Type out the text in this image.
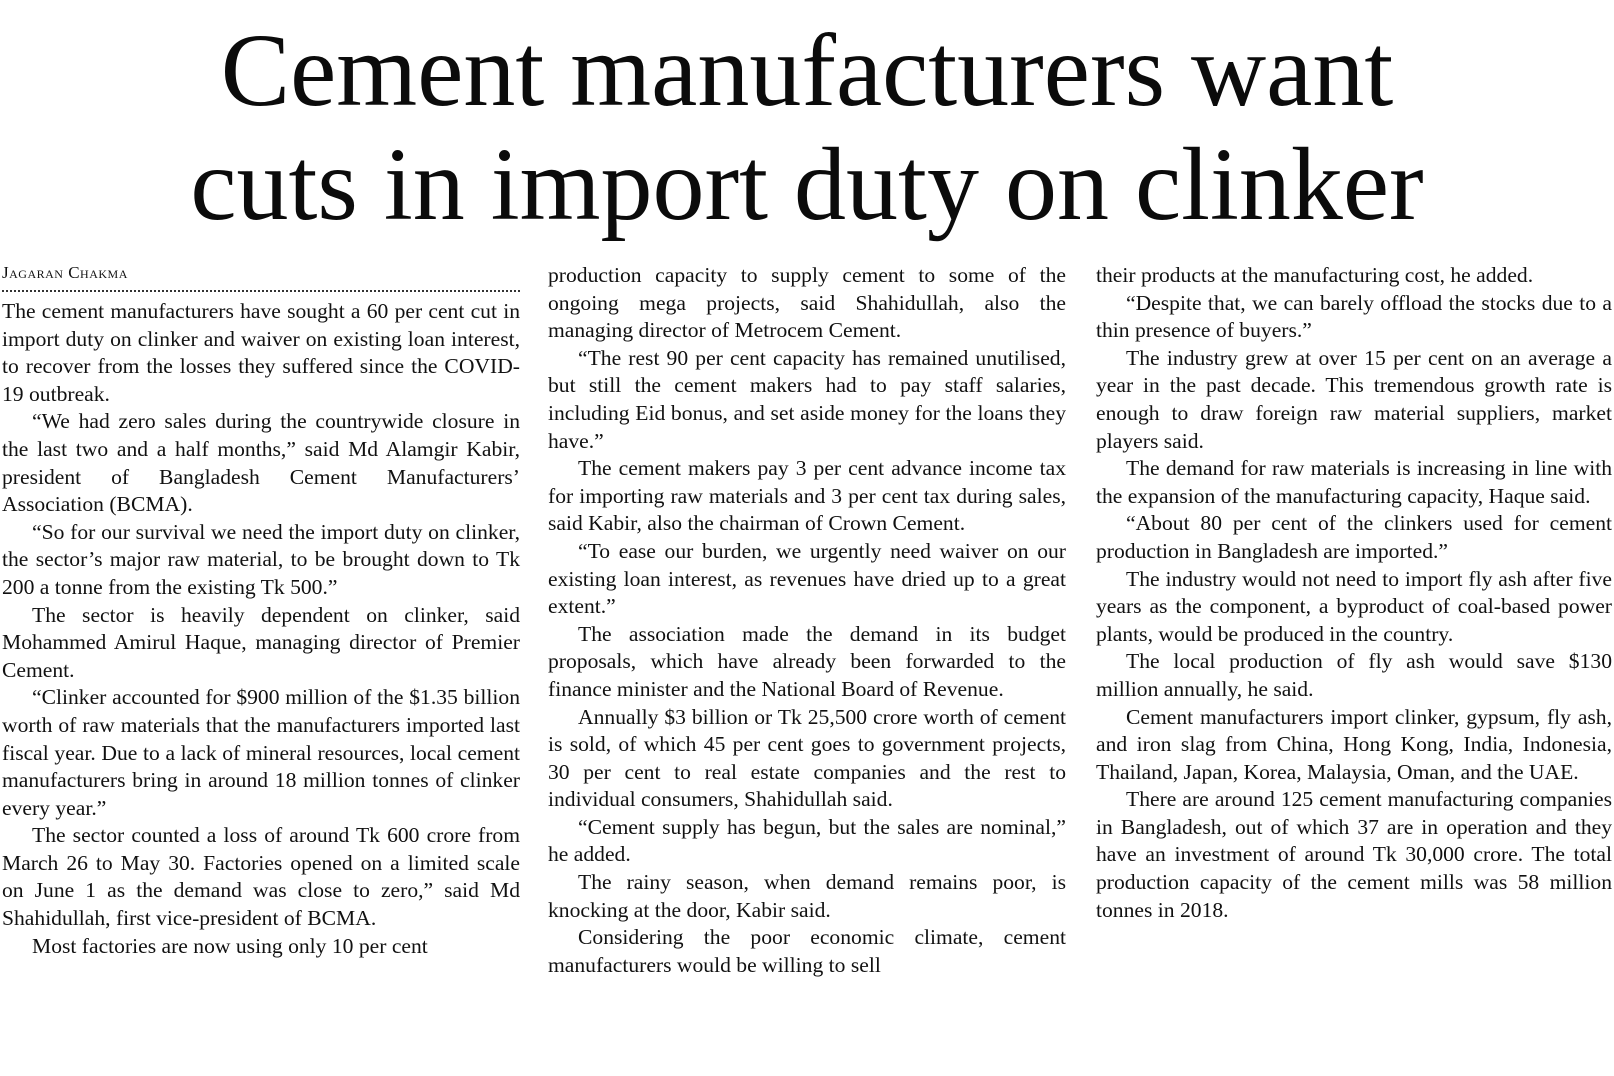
Cement manufacturers want
cuts in import duty on clinker
Jagaran Chakma

The cement manufacturers have sought a 60 per cent cut in import duty on clinker and waiver on existing loan interest, to recover from the losses they suffered since the COVID-19 outbreak.

“We had zero sales during the countrywide closure in the last two and a half months,” said Md Alamgir Kabir, president of Bangladesh Cement Manufacturers’ Association (BCMA).

“So for our survival we need the import duty on clinker, the sector’s major raw material, to be brought down to Tk 200 a tonne from the existing Tk 500.”

The sector is heavily dependent on clinker, said Mohammed Amirul Haque, managing director of Premier Cement.

“Clinker accounted for $900 million of the $1.35 billion worth of raw materials that the manufacturers imported last fiscal year. Due to a lack of mineral resources, local cement manufacturers bring in around 18 million tonnes of clinker every year.”

The sector counted a loss of around Tk 600 crore from March 26 to May 30. Factories opened on a limited scale on June 1 as the demand was close to zero,” said Md Shahidullah, first vice-president of BCMA.

Most factories are now using only 10 per cent

production capacity to supply cement to some of the ongoing mega projects, said Shahidullah, also the managing director of Metrocem Cement.

“The rest 90 per cent capacity has remained unutilised, but still the cement makers had to pay staff salaries, including Eid bonus, and set aside money for the loans they have.”

The cement makers pay 3 per cent advance income tax for importing raw materials and 3 per cent tax during sales, said Kabir, also the chairman of Crown Cement.

“To ease our burden, we urgently need waiver on our existing loan interest, as revenues have dried up to a great extent.”

The association made the demand in its budget proposals, which have already been forwarded to the finance minister and the National Board of Revenue.

Annually $3 billion or Tk 25,500 crore worth of cement is sold, of which 45 per cent goes to government projects, 30 per cent to real estate companies and the rest to individual consumers, Shahidullah said.

“Cement supply has begun, but the sales are nominal,” he added.

The rainy season, when demand remains poor, is knocking at the door, Kabir said.

Considering the poor economic climate, cement manufacturers would be willing to sell

their products at the manufacturing cost, he added.

“Despite that, we can barely offload the stocks due to a thin presence of buyers.”

The industry grew at over 15 per cent on an average a year in the past decade. This tremendous growth rate is enough to draw foreign raw material suppliers, market players said.

The demand for raw materials is increasing in line with the expansion of the manufacturing capacity, Haque said.

“About 80 per cent of the clinkers used for cement production in Bangladesh are imported.”

The industry would not need to import fly ash after five years as the component, a byproduct of coal-based power plants, would be produced in the country.

The local production of fly ash would save $130 million annually, he said.

Cement manufacturers import clinker, gypsum, fly ash, and iron slag from China, Hong Kong, India, Indonesia, Thailand, Japan, Korea, Malaysia, Oman, and the UAE.

There are around 125 cement manufacturing companies in Bangladesh, out of which 37 are in operation and they have an investment of around Tk 30,000 crore. The total production capacity of the cement mills was 58 million tonnes in 2018.
